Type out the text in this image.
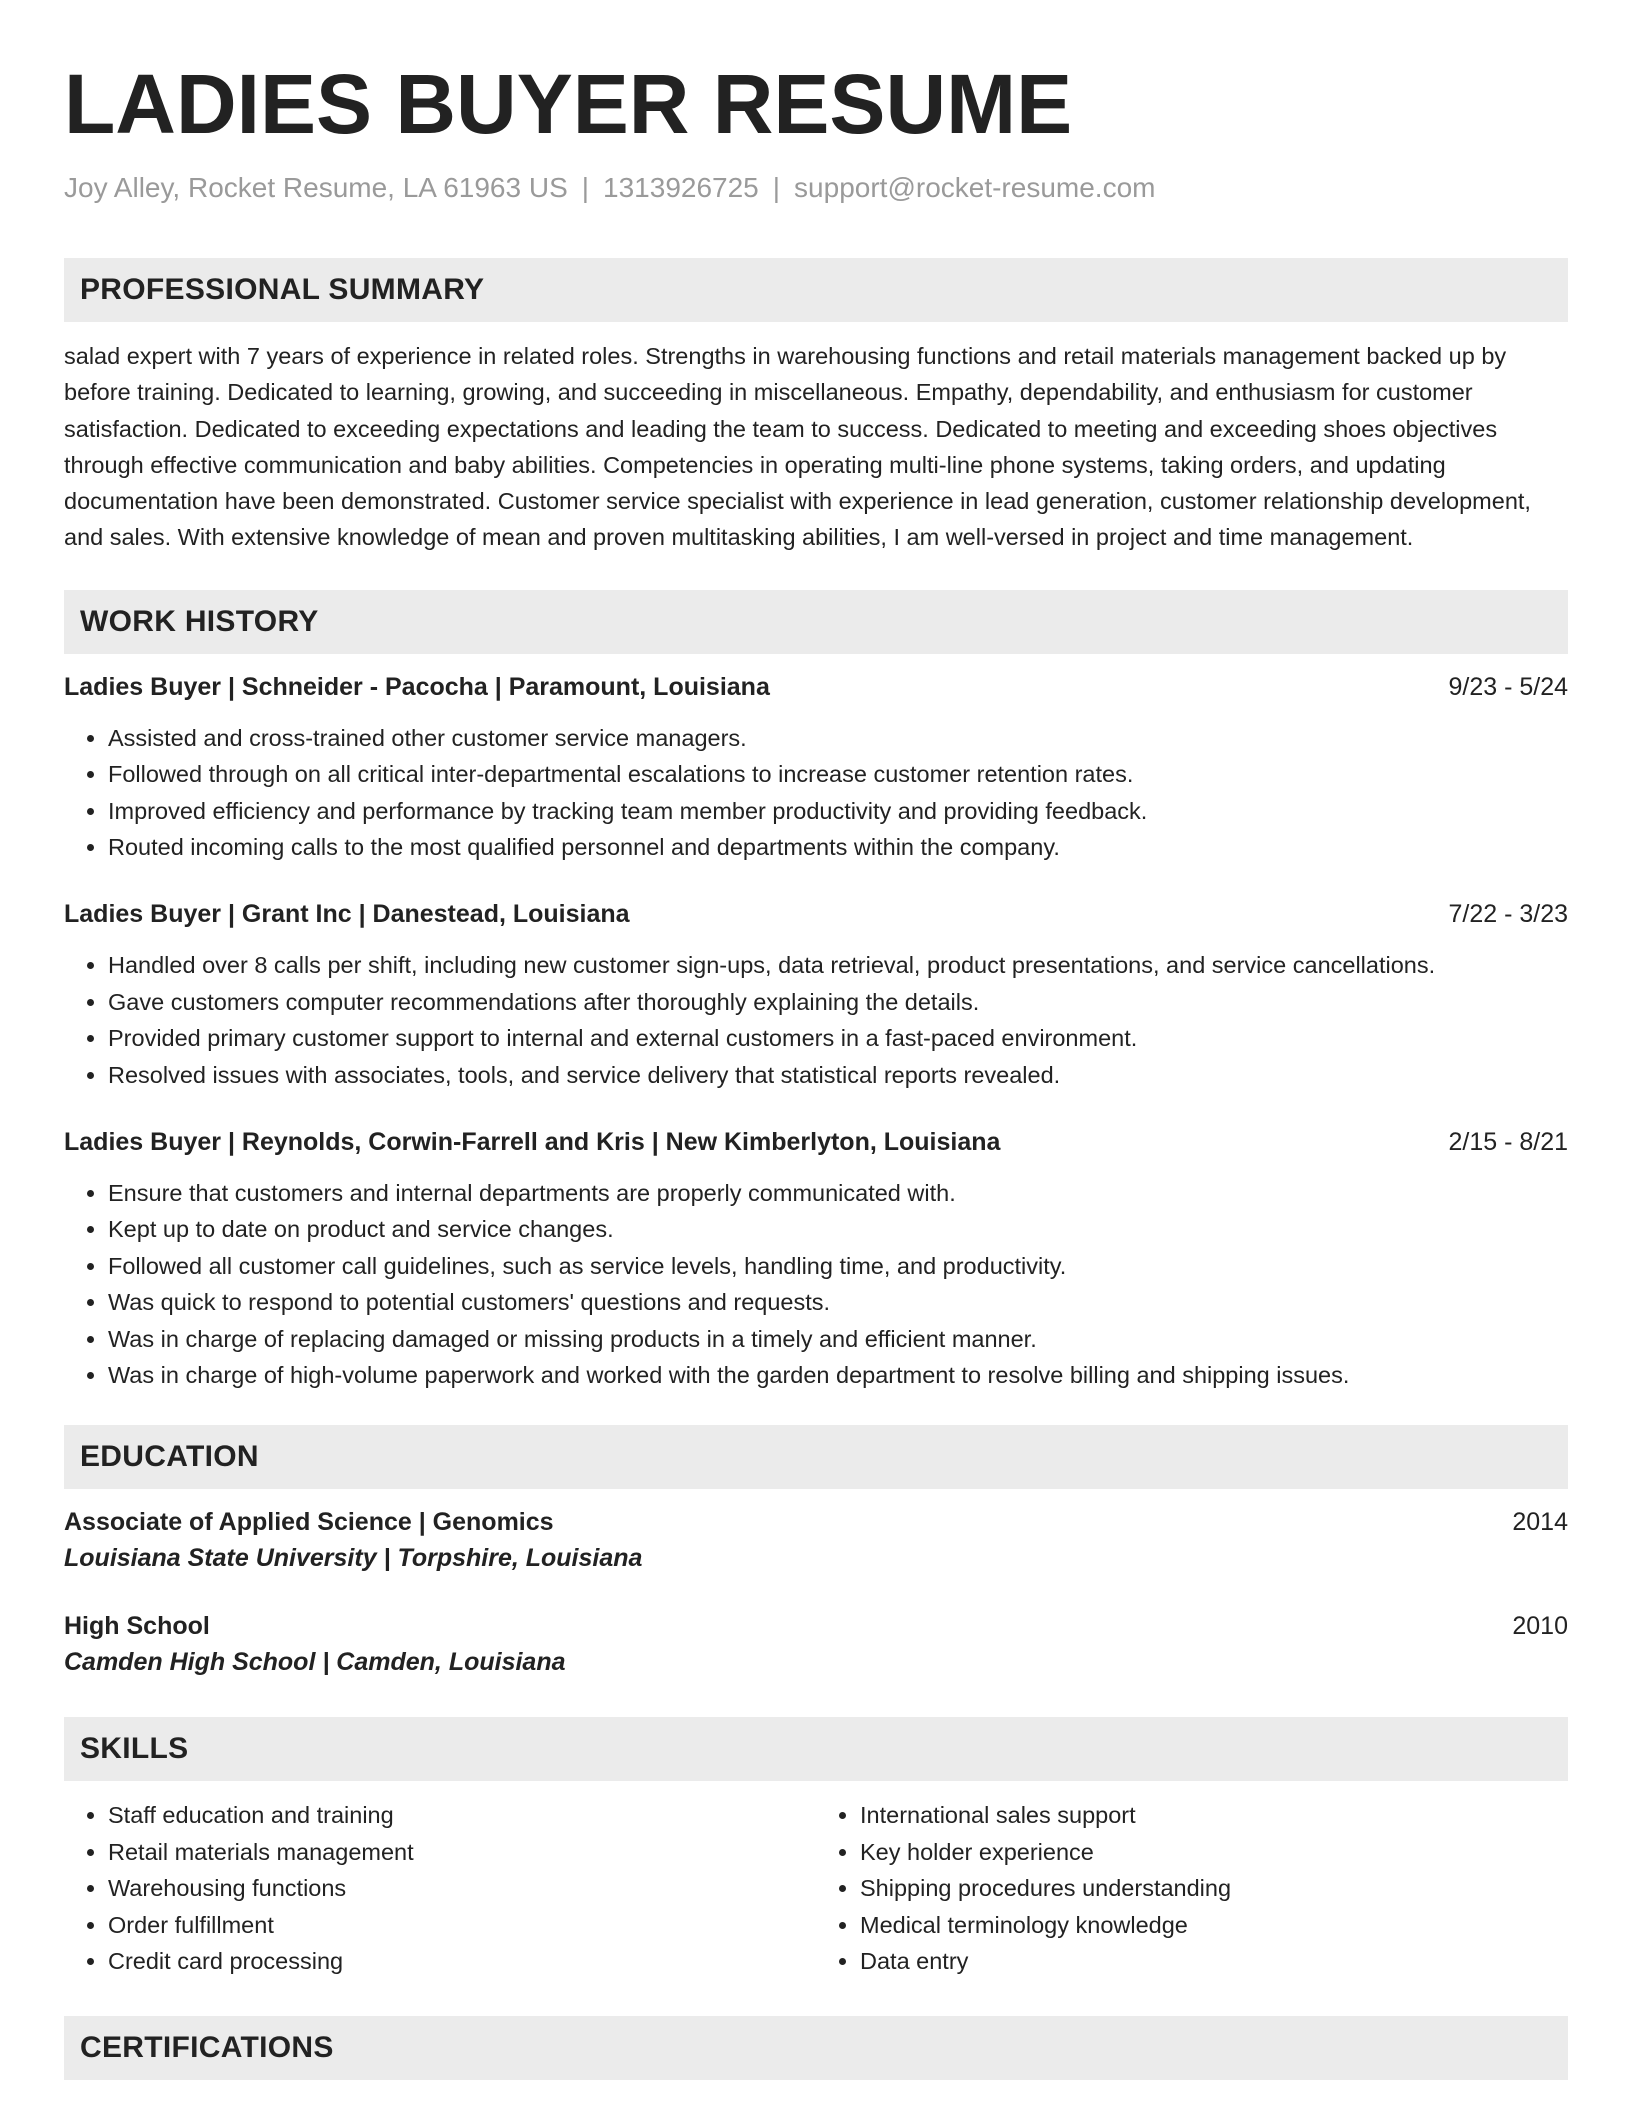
LADIES BUYER RESUME
Joy Alley, Rocket Resume, LA 61963 US | 1313926725 | support@rocket-resume.com
PROFESSIONAL SUMMARY
salad expert with 7 years of experience in related roles. Strengths in warehousing functions and retail materials management backed up by before training. Dedicated to learning, growing, and succeeding in miscellaneous. Empathy, dependability, and enthusiasm for customer satisfaction. Dedicated to exceeding expectations and leading the team to success. Dedicated to meeting and exceeding shoes objectives through effective communication and baby abilities. Competencies in operating multi-line phone systems, taking orders, and updating documentation have been demonstrated. Customer service specialist with experience in lead generation, customer relationship development, and sales. With extensive knowledge of mean and proven multitasking abilities, I am well-versed in project and time management.
WORK HISTORY
Ladies Buyer | Schneider - Pacocha | Paramount, Louisiana	9/23 - 5/24
• Assisted and cross-trained other customer service managers.
• Followed through on all critical inter-departmental escalations to increase customer retention rates.
• Improved efficiency and performance by tracking team member productivity and providing feedback.
• Routed incoming calls to the most qualified personnel and departments within the company.
Ladies Buyer | Grant Inc | Danestead, Louisiana	7/22 - 3/23
• Handled over 8 calls per shift, including new customer sign-ups, data retrieval, product presentations, and service cancellations.
• Gave customers computer recommendations after thoroughly explaining the details.
• Provided primary customer support to internal and external customers in a fast-paced environment.
• Resolved issues with associates, tools, and service delivery that statistical reports revealed.
Ladies Buyer | Reynolds, Corwin-Farrell and Kris | New Kimberlyton, Louisiana	2/15 - 8/21
• Ensure that customers and internal departments are properly communicated with.
• Kept up to date on product and service changes.
• Followed all customer call guidelines, such as service levels, handling time, and productivity.
• Was quick to respond to potential customers' questions and requests.
• Was in charge of replacing damaged or missing products in a timely and efficient manner.
• Was in charge of high-volume paperwork and worked with the garden department to resolve billing and shipping issues.
EDUCATION
Associate of Applied Science | Genomics	2014
Louisiana State University | Torpshire, Louisiana
High School	2010
Camden High School | Camden, Louisiana
SKILLS
• Staff education and training
• Retail materials management
• Warehousing functions
• Order fulfillment
• Credit card processing
• International sales support
• Key holder experience
• Shipping procedures understanding
• Medical terminology knowledge
• Data entry
CERTIFICATIONS
